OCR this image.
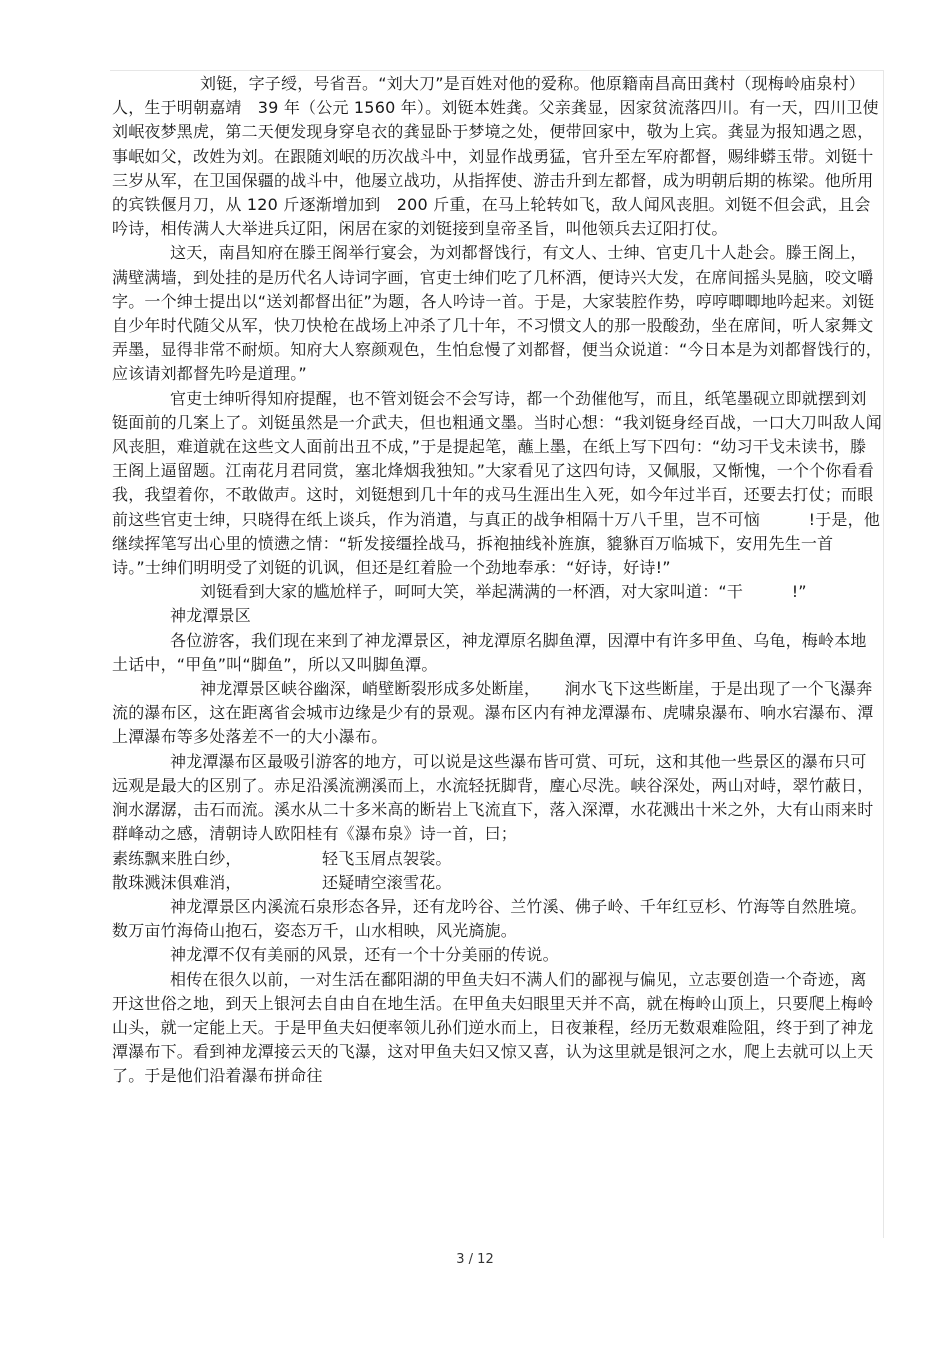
刘铤，字子绶，号省吾。“刘大刀”是百姓对他的爱称。他原籍南昌高田龚村（现梅岭庙泉村）人，生于明朝嘉靖　39 年（公元 1560 年）。刘铤本姓龚。父亲龚显，因家贫流落四川。有一天，四川卫使刘岷夜梦黑虎，第二天便发现身穿皂衣的龚显卧于梦境之处，便带回家中，敬为上宾。龚显为报知遇之恩，事岷如父，改姓为刘。在跟随刘岷的历次战斗中，刘显作战勇猛，官升至左军府都督，赐绯蟒玉带。刘铤十三岁从军，在卫国保疆的战斗中，他屡立战功，从指挥使、游击升到左都督，成为明朝后期的栋梁。他所用的宾铁偃月刀，从 120 斤逐渐增加到　200 斤重，在马上轮转如飞，敌人闻风丧胆。刘铤不但会武，且会吟诗，相传满人大举进兵辽阳，闲居在家的刘铤接到皇帝圣旨，叫他领兵去辽阳打仗。

这天，南昌知府在滕王阁举行宴会，为刘都督饯行，有文人、士绅、官吏几十人赴会。滕王阁上，满壁满墙，到处挂的是历代名人诗词字画，官吏士绅们吃了几杯酒，便诗兴大发，在席间摇头晃脑，咬文嚼字。一个绅士提出以“送刘都督出征”为题，各人吟诗一首。于是，大家装腔作势，哼哼唧唧地吟起来。刘铤自少年时代随父从军，快刀快枪在战场上冲杀了几十年，不习惯文人的那一股酸劲，坐在席间，听人家舞文弄墨，显得非常不耐烦。知府大人察颜观色，生怕怠慢了刘都督，便当众说道：“今日本是为刘都督饯行的，应该请刘都督先吟是道理。”

官吏士绅听得知府提醒，也不管刘铤会不会写诗，都一个劲催他写，而且，纸笔墨砚立即就摆到刘铤面前的几案上了。刘铤虽然是一介武夫，但也粗通文墨。当时心想：“我刘铤身经百战，一口大刀叫敌人闻风丧胆，难道就在这些文人面前出丑不成，”于是提起笔，蘸上墨，在纸上写下四句：“幼习干戈未读书，滕王阁上逼留题。江南花月君同赏，塞北烽烟我独知。”大家看见了这四句诗，又佩服，又惭愧，一个个你看看我，我望着你，不敢做声。这时，刘铤想到几十年的戎马生涯出生入死，如今年过半百，还要去打仗；而眼前这些官吏士绅，只晓得在纸上谈兵，作为消遣，与真正的战争相隔十万八千里，岂不可恼　　　!于是，他继续挥笔写出心里的愤懑之情：“斩发接缰拴战马，拆袍抽线补旌旗，貔貅百万临城下，安用先生一首诗。”士绅们明明受了刘铤的讥讽，但还是红着脸一个劲地奉承：“好诗，好诗!”

刘铤看到大家的尴尬样子，呵呵大笑，举起满满的一杯酒，对大家叫道：“干　　　!”

神龙潭景区

各位游客，我们现在来到了神龙潭景区，神龙潭原名脚鱼潭，因潭中有许多甲鱼、乌龟，梅岭本地土话中，“甲鱼”叫“脚鱼”，所以又叫脚鱼潭。

神龙潭景区峡谷幽深，峭壁断裂形成多处断崖，　　涧水飞下这些断崖，于是出现了一个飞瀑奔流的瀑布区，这在距离省会城市边缘是少有的景观。瀑布区内有神龙潭瀑布、虎啸泉瀑布、响水宕瀑布、潭上潭瀑布等多处落差不一的大小瀑布。

神龙潭瀑布区最吸引游客的地方，可以说是这些瀑布皆可赏、可玩，这和其他一些景区的瀑布只可远观是最大的区别了。赤足沿溪流溯溪而上，水流轻抚脚背，麈心尽洗。峡谷深处，两山对峙，翠竹蔽日，涧水潺潺，击石而流。溪水从二十多米高的断岩上飞流直下，落入深潭，水花溅出十米之外，大有山雨来时群峰动之感，清朝诗人欧阳桂有《瀑布泉》诗一首，曰；

素练飘来胜白纱，	轻飞玉屑点袈裟。
散珠溅沫俱难消，	还疑晴空滚雪花。

神龙潭景区内溪流石泉形态各异，还有龙吟谷、兰竹溪、佛子岭、千年红豆杉、竹海等自然胜境。数万亩竹海倚山抱石，姿态万千，山水相映，风光旖旎。

神龙潭不仅有美丽的风景，还有一个十分美丽的传说。

相传在很久以前，一对生活在鄱阳湖的甲鱼夫妇不满人们的鄙视与偏见，立志要创造一个奇迹，离开这世俗之地，到天上银河去自由自在地生活。在甲鱼夫妇眼里天并不高，就在梅岭山顶上，只要爬上梅岭山头，就一定能上天。于是甲鱼夫妇便率领儿孙们逆水而上，日夜兼程，经历无数艰难险阻，终于到了神龙潭瀑布下。看到神龙潭接云天的飞瀑，这对甲鱼夫妇又惊又喜，认为这里就是银河之水，爬上去就可以上天了。于是他们沿着瀑布拼命往

3 / 12
